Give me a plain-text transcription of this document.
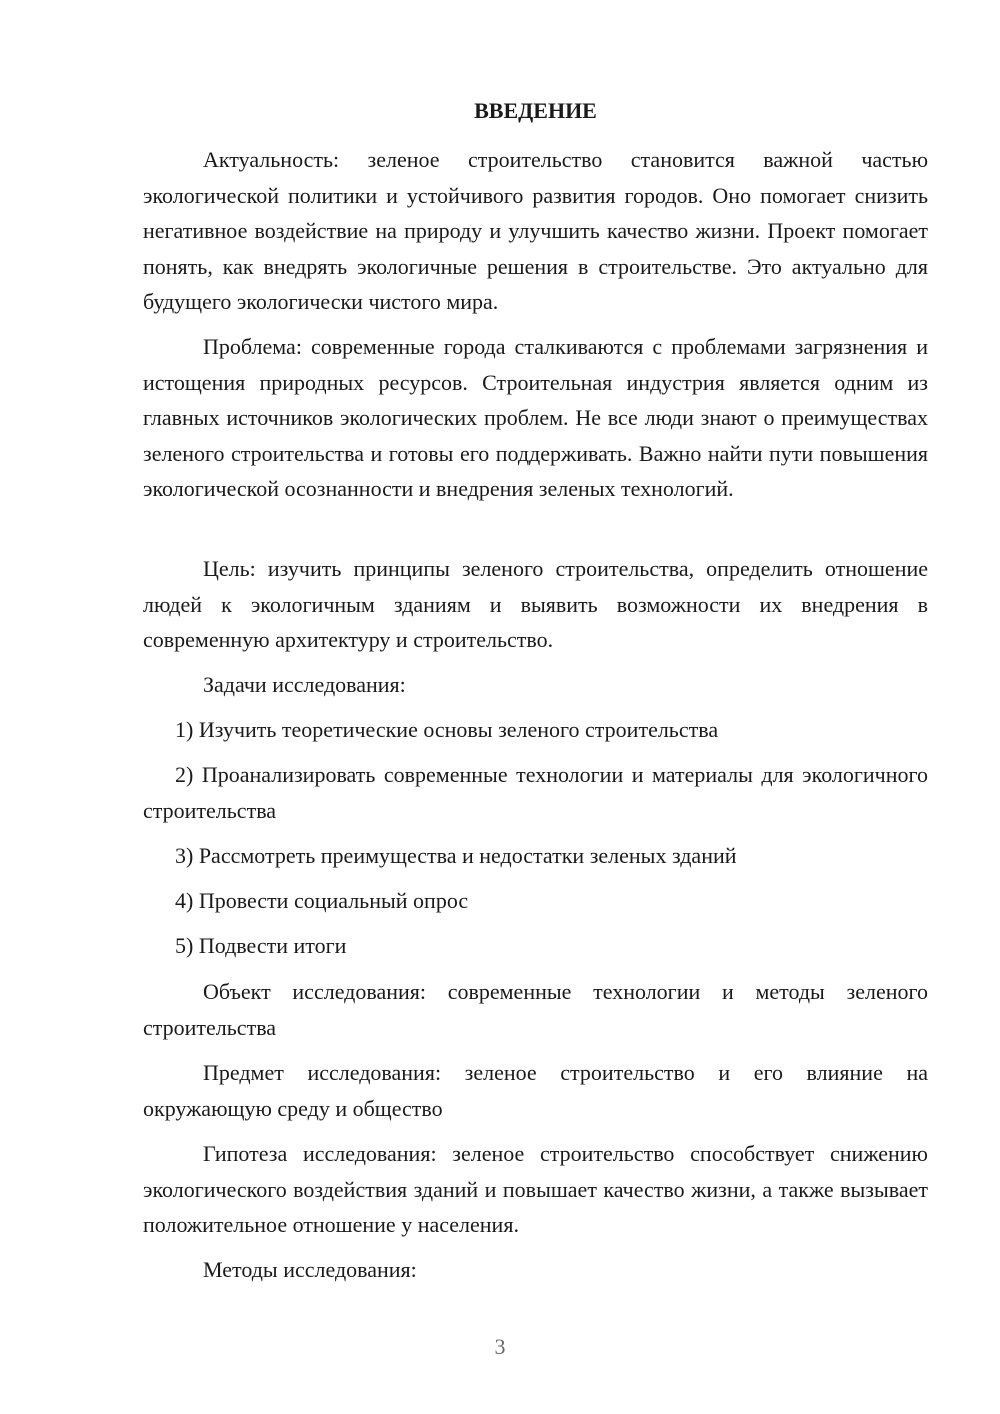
ВВЕДЕНИЕ

Актуальность: зеленое строительство становится важной частью экологической политики и устойчивого развития городов. Оно помогает снизить негативное воздействие на природу и улучшить качество жизни. Проект помогает понять, как внедрять экологичные решения в строительстве. Это актуально для будущего экологически чистого мира.

Проблема: современные города сталкиваются с проблемами загрязнения и истощения природных ресурсов. Строительная индустрия является одним из главных источников экологических проблем. Не все люди знают о преимуществах зеленого строительства и готовы его поддерживать. Важно найти пути повышения экологической осознанности и внедрения зеленых технологий.

Цель: изучить принципы зеленого строительства, определить отношение людей к экологичным зданиям и выявить возможности их внедрения в современную архитектуру и строительство.

Задачи исследования:

1) Изучить теоретические основы зеленого строительства

2) Проанализировать современные технологии и материалы для экологичного строительства

3) Рассмотреть преимущества и недостатки зеленых зданий

4) Провести социальный опрос

5) Подвести итоги

Объект исследования: современные технологии и методы зеленого строительства

Предмет исследования: зеленое строительство и его влияние на окружающую среду и общество

Гипотеза исследования: зеленое строительство способствует снижению экологического воздействия зданий и повышает качество жизни, а также вызывает положительное отношение у населения.

Методы исследования:

3
